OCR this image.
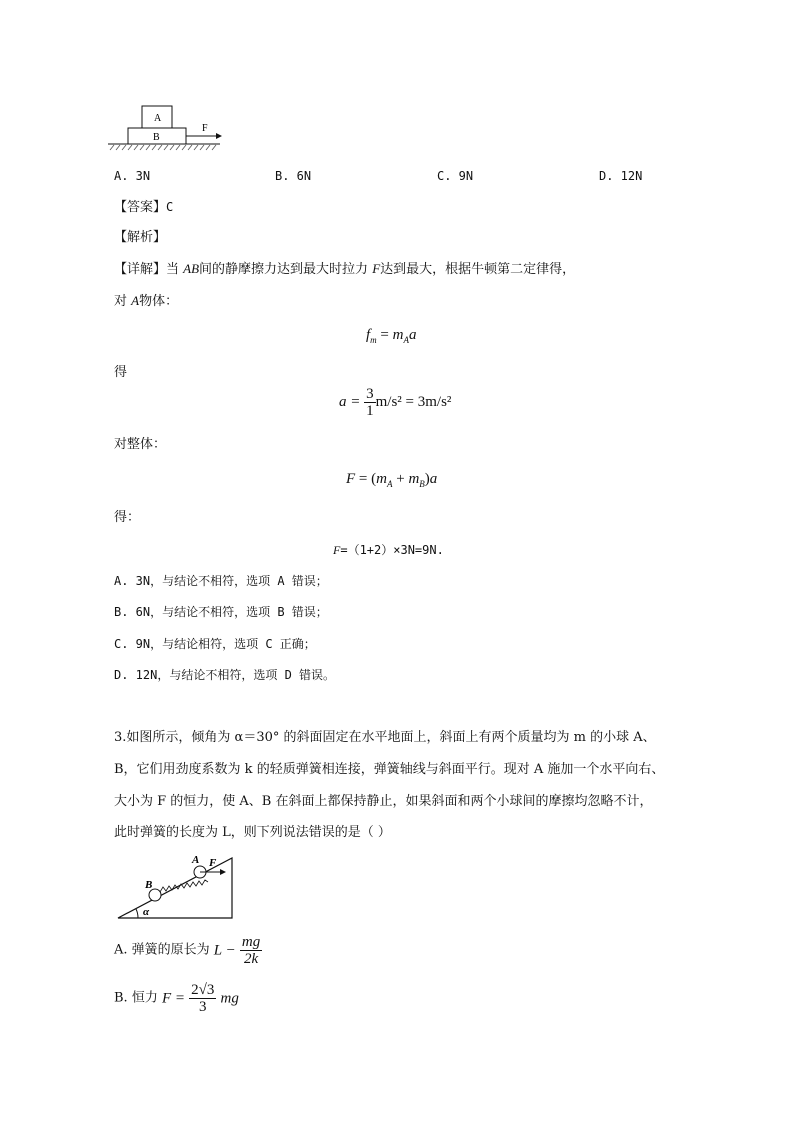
A
B
F
A. 3N	B. 6N	C. 9N	D. 12N
【答案】C
【解析】
【详解】当 AB间的静摩擦力达到最大时拉力 F达到最大，根据牛顿第二定律得，
对 A物体：
$f_m = m_Aa$
得
$a = \frac{3}{1} m/s^2 = 3m/s^2$
对整体：
$F = (m_A + m_B)a$
得：
F=（1+2）×3N=9N.
A. 3N，与结论不相符，选项 A 错误；
B. 6N，与结论不相符，选项 B 错误；
C. 9N，与结论相符，选项 C 正确；
D. 12N，与结论不相符，选项 D 错误。
3.如图所示，倾角为 α＝30° 的斜面固定在水平地面上，斜面上有两个质量均为 m 的小球 A、
B，它们用劲度系数为 k 的轻质弹簧相连接，弹簧轴线与斜面平行。现对 A 施加一个水平向右、
大小为 F 的恒力，使 A、B 在斜面上都保持静止，如果斜面和两个小球间的摩擦均忽略不计，
此时弹簧的长度为 L，则下列说法错误的是（ ）
α
B
A F
A. 弹簧的原长为 $L - \frac{mg}{2k}$
B. 恒力 $F = \frac{2√3}{3}$ mg
